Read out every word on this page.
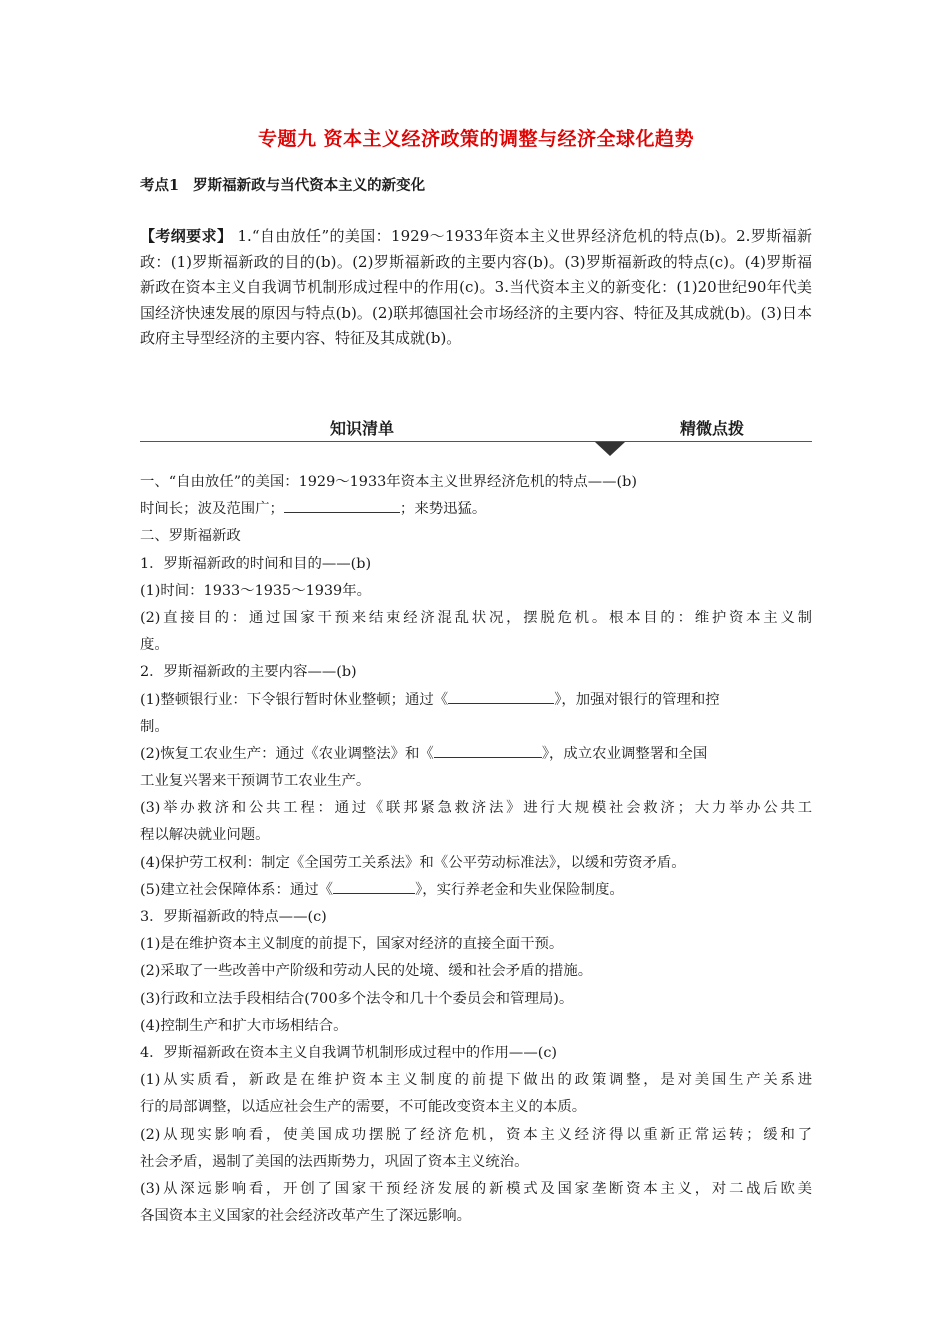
专题九 资本主义经济政策的调整与经济全球化趋势
考点1 罗斯福新政与当代资本主义的新变化
【考纲要求】 1.“自由放任”的美国：1929～1933年资本主义世界经济危机的特点(b)。2.罗斯福新政：(1)罗斯福新政的目的(b)。(2)罗斯福新政的主要内容(b)。(3)罗斯福新政的特点(c)。(4)罗斯福新政在资本主义自我调节机制形成过程中的作用(c)。3.当代资本主义的新变化：(1)20世纪90年代美国经济快速发展的原因与特点(b)。(2)联邦德国社会市场经济的主要内容、特征及其成就(b)。(3)日本政府主导型经济的主要内容、特征及其成就(b)。
知识清单	精微点拨
一、“自由放任”的美国：1929～1933年资本主义世界经济危机的特点——(b)
时间长；波及范围广；	；来势迅猛。
二、罗斯福新政
1．罗斯福新政的时间和目的——(b)
(1)时间：1933～1935～1939年。
(2)直接目的：通过国家干预来结束经济混乱状况，摆脱危机。根本目的：维护资本主义制
度。
2．罗斯福新政的主要内容——(b)
(1)整顿银行业：下令银行暂时休业整顿；通过《	》，加强对银行的管理和控
制。
(2)恢复工农业生产：通过《农业调整法》和《	》，成立农业调整署和全国
工业复兴署来干预调节工农业生产。
(3)举办救济和公共工程：通过《联邦紧急救济法》进行大规模社会救济；大力举办公共工
程以解决就业问题。
(4)保护劳工权利：制定《全国劳工关系法》和《公平劳动标准法》，以缓和劳资矛盾。
(5)建立社会保障体系：通过《	》，实行养老金和失业保险制度。
3．罗斯福新政的特点——(c)
(1)是在维护资本主义制度的前提下，国家对经济的直接全面干预。
(2)采取了一些改善中产阶级和劳动人民的处境、缓和社会矛盾的措施。
(3)行政和立法手段相结合(700多个法令和几十个委员会和管理局)。
(4)控制生产和扩大市场相结合。
4．罗斯福新政在资本主义自我调节机制形成过程中的作用——(c)
(1)从实质看，新政是在维护资本主义制度的前提下做出的政策调整，是对美国生产关系进
行的局部调整，以适应社会生产的需要，不可能改变资本主义的本质。
(2)从现实影响看，使美国成功摆脱了经济危机，资本主义经济得以重新正常运转；缓和了
社会矛盾，遏制了美国的法西斯势力，巩固了资本主义统治。
(3)从深远影响看，开创了国家干预经济发展的新模式及国家垄断资本主义，对二战后欧美
各国资本主义国家的社会经济改革产生了深远影响。
